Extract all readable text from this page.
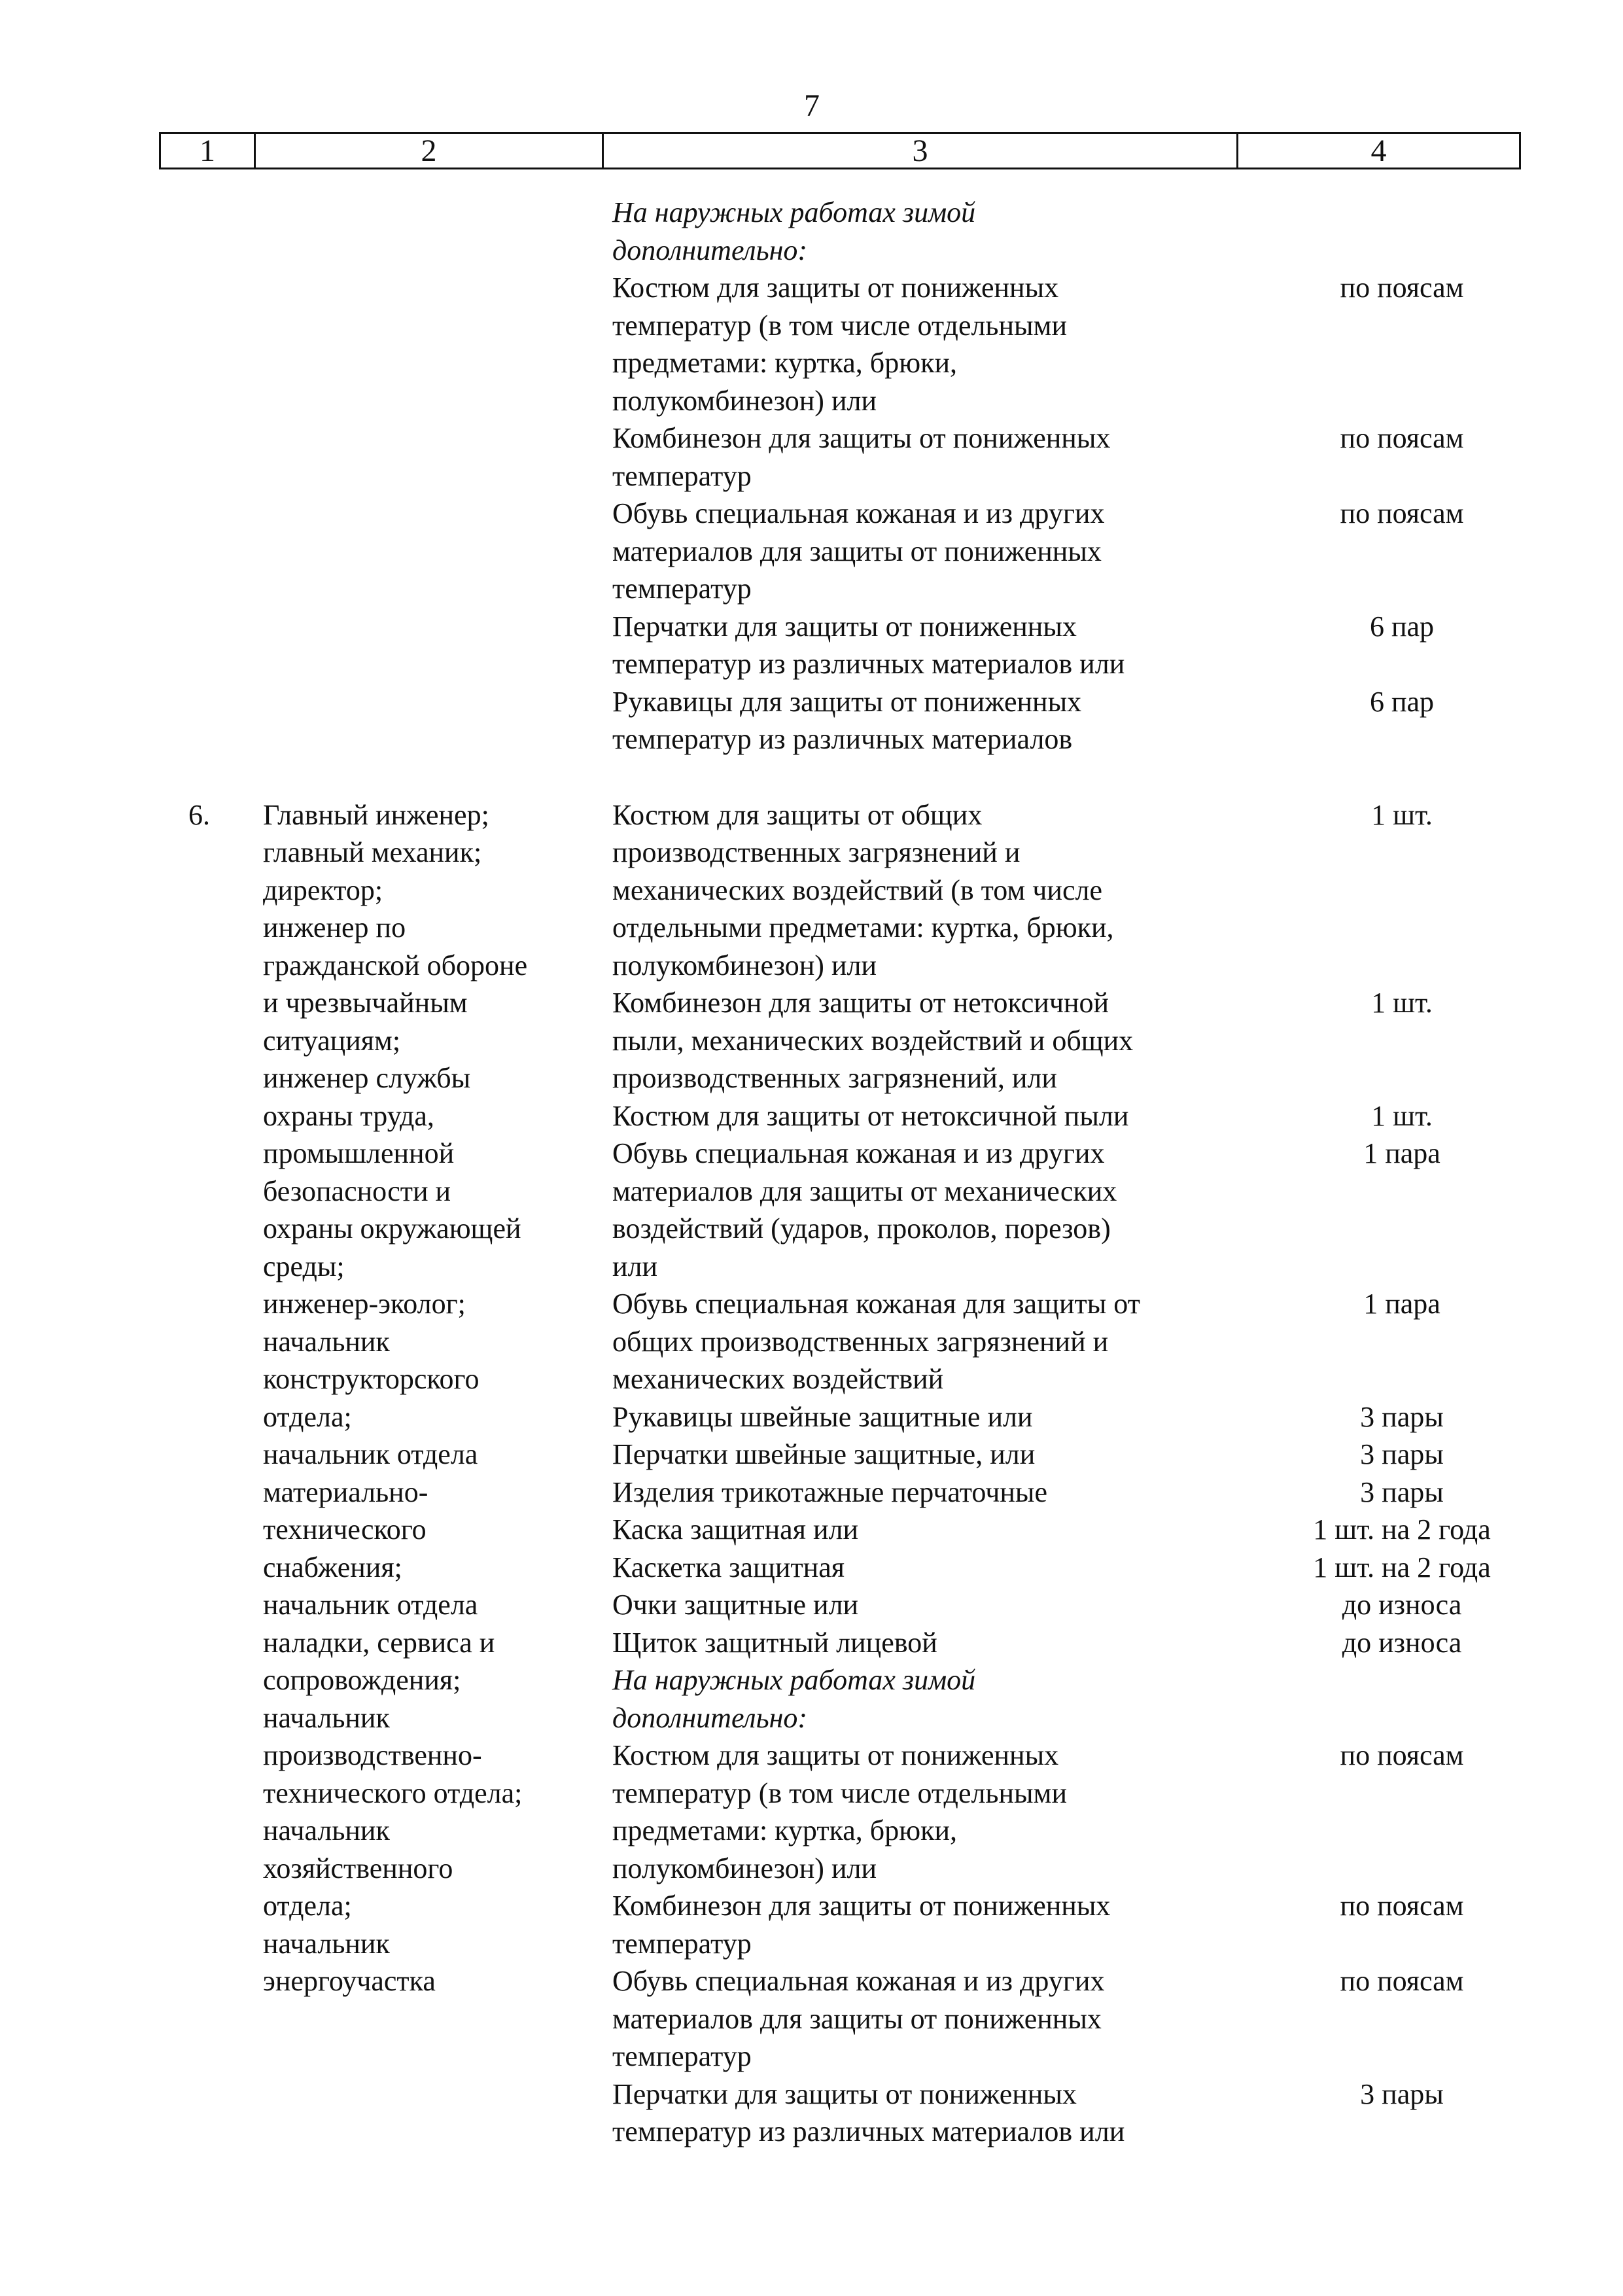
7
1	2	3	4
На наружных работах зимой
дополнительно:
Костюм для защиты от пониженных	по поясам
температур (в том числе отдельными
предметами: куртка, брюки,
полукомбинезон) или
Комбинезон для защиты от пониженных	по поясам
температур
Обувь специальная кожаная и из других	по поясам
материалов для защиты от пониженных
температур
Перчатки для защиты от пониженных	6 пар
температур из различных материалов или
Рукавицы для защиты от пониженных	6 пар
температур из различных материалов
6.	Главный инженер;	Костюм для защиты от общих	1 шт.
главный механик;	производственных загрязнений и
директор;	механических воздействий (в том числе
инженер по	отдельными предметами: куртка, брюки,
гражданской обороне	полукомбинезон) или
и чрезвычайным	Комбинезон для защиты от нетоксичной	1 шт.
ситуациям;	пыли, механических воздействий и общих
инженер службы	производственных загрязнений, или
охраны труда,	Костюм для защиты от нетоксичной пыли	1 шт.
промышленной	Обувь специальная кожаная и из других	1 пара
безопасности и	материалов для защиты от механических
охраны окружающей	воздействий (ударов, проколов, порезов)
среды;	или
инженер-эколог;	Обувь специальная кожаная для защиты от	1 пара
начальник	общих производственных загрязнений и
конструкторского	механических воздействий
отдела;	Рукавицы швейные защитные или	3 пары
начальник отдела	Перчатки швейные защитные, или	3 пары
материально-	Изделия трикотажные перчаточные	3 пары
технического	Каска защитная или	1 шт. на 2 года
снабжения;	Каскетка защитная	1 шт. на 2 года
начальник отдела	Очки защитные или	до износа
наладки, сервиса и	Щиток защитный лицевой	до износа
сопровождения;	На наружных работах зимой
начальник	дополнительно:
производственно-	Костюм для защиты от пониженных	по поясам
технического отдела;	температур (в том числе отдельными
начальник	предметами: куртка, брюки,
хозяйственного	полукомбинезон) или
отдела;	Комбинезон для защиты от пониженных	по поясам
начальник	температур
энергоучастка	Обувь специальная кожаная и из других	по поясам
материалов для защиты от пониженных
температур
Перчатки для защиты от пониженных	3 пары
температур из различных материалов или
